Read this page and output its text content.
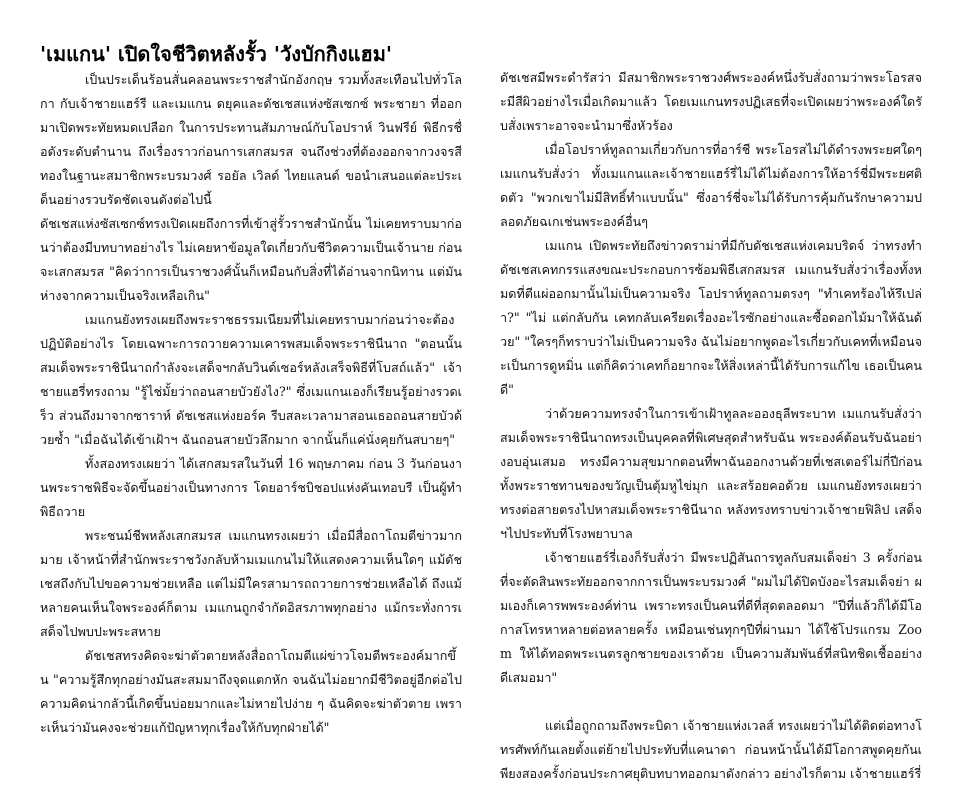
'เมแกน' เปิดใจชีวิตหลังรั้ว 'วังบักกิงแฮม'

เป็นประเด็นร้อนสั่นคลอนพระราชสำนักอังกฤษ รวมทั้งสะเทือนไปทั่วโลกา กับเจ้าชายแฮร์รี และเมแกน ดยุคและดัชเชสแห่งซัสเซกซ์ พระชายา ที่ออกมาเปิดพระทัยหมดเปลือก ในการประทานสัมภาษณ์กับโอปราห์ วินฟรีย์ พิธีกรชื่อดังระดับตำนาน ถึงเรื่องราวก่อนการเสกสมรส จนถึงช่วงที่ต้องออกจากวงจรสีทองในฐานะสมาชิกพระบรมวงศ์ รอยัล เวิลด์ ไทยแลนด์ ขอนำเสนอแต่ละประเด็นอย่างรวบรัดชัดเจนดังต่อไปนี้

ดัชเชสแห่งซัสเซกซ์ทรงเปิดเผยถึงการที่เข้าสู่รั้วราชสำนักนั้น ไม่เคยทราบมาก่อนว่าต้องมีบทบาทอย่างไร ไม่เคยหาข้อมูลใดเกี่ยวกับชีวิตความเป็นเจ้านาย ก่อนจะเสกสมรส "คิดว่าการเป็นราชวงศ์นั้นก็เหมือนกับสิ่งที่ได้อ่านจากนิทาน แต่มันห่างจากความเป็นจริงเหลือเกิน"

เมแกนยังทรงเผยถึงพระราชธรรมเนียมที่ไม่เคยทราบมาก่อนว่าจะต้องปฏิบัติอย่างไร โดยเฉพาะการถวายความเคารพสมเด็จพระราชินีนาถ "ตอนนั้น สมเด็จพระราชินีนาถกำลังจะเสด็จฯกลับวินด์เซอร์หลังเสร็จพิธีที่โบสถ์แล้ว" เจ้าชายแฮรี่ทรงถาม "รู้ไช่มั้ยว่าถอนสายบัวยังไง?" ซึ่งเมแกนเองก็เรียนรู้อย่างรวดเร็ว ส่วนถึงมาจากซาราห์ ดัชเชสแห่งยอร์ค รีบสละเวลามาสอนเธอถอนสายบัวด้วยซ้ำ "เมื่อฉันได้เข้าเฝ้าฯ ฉันถอนสายบัวลึกมาก จากนั้นก็แค่นั่งคุยกันสบายๆ"

ทั้งสองทรงเผยว่า ได้เสกสมรสในวันที่ 16 พฤษภาคม ก่อน 3 วันก่อนงานพระราชพิธีจะจัดขึ้นอย่างเป็นทางการ โดยอาร์ชบิชอปแห่งคันเทอบรี เป็นผู้ทำพิธีถวาย

พระชนม์ชีพหลังเสกสมรส เมแกนทรงเผยว่า เมื่อมีสื่อถาโถมตีข่าวมากมาย เจ้าหน้าที่สำนักพระราชวังกลับห้ามเมแกนไม่ให้แสดงความเห็นใดๆ แม้ดัชเชสถึงกับไปขอความช่วยเหลือ แต่ไม่มีใครสามารถถวายการช่วยเหลือได้ ถึงแม้หลายคนเห็นใจพระองค์ก็ตาม เมแกนถูกจำกัดอิสรภาพทุกอย่าง แม้กระทั่งการเสด็จไปพบปะพระสหาย

ดัชเชสทรงคิดจะฆ่าตัวตายหลังสื่อถาโถมตีแผ่ข่าวโจมตีพระองค์มากขึ้น "ความรู้สึกทุกอย่างมันสะสมมาถึงจุดแตกหัก จนฉันไม่อยากมีชีวิตอยู่อีกต่อไป ความคิดน่ากลัวนี้เกิดขึ้นบ่อยมากและไม่หายไปง่าย ๆ ฉันคิดจะฆ่าตัวตาย เพราะเห็นว่ามันคงจะช่วยแก้ปัญหาทุกเรื่องให้กับทุกฝ่ายได้"

ดัชเชสมีพระดำรัสว่า มีสมาชิกพระราชวงศ์พระองค์หนึ่งรับสั่งถามว่าพระโอรสจะมีสีผิวอย่างไรเมื่อเกิดมาแล้ว โดยเมแกนทรงปฏิเสธที่จะเปิดเผยว่าพระองค์ใดรับสั่งเพราะอาจจะนำมาซึ่งหัวร้อง

เมื่อโอปราห์ทูลถามเกี่ยวกับการที่อาร์ชี พระโอรสไม่ได้ดำรงพระยศใดๆ เมแกนรับสั่งว่า ทั้งเมแกนและเจ้าชายแฮร์รี่ไม่ได้ไม่ต้องการให้อาร์ชี่มีพระยศติดตัว "พวกเขาไม่มีสิทธิ์ทำแบบนั้น" ซึ่งอาร์ชี่จะไม่ได้รับการคุ้มกันรักษาความปลอดภัยฉเกเช่นพระองค์อื่นๆ

เมแกน เปิดพระทัยถึงข่าวดราม่าที่มีกับดัชเชสแห่งเคมบริดจ์ ว่าทรงทำดัชเชสเคทกรรแสงขณะประกอบการซ้อมพิธีเสกสมรส เมแกนรับสั่งว่าเรื่องทั้งหมดที่ตีแผ่ออกมานั้นไม่เป็นความจริง โอปราห์ทูลถามตรงๆ "ทำเคทร้องไห้รึเปล่า?" "ไม่ แต่กลับกัน เคทกลับเครียดเรื่องอะไรซักอย่างและซื้อดอกไม้มาให้ฉันด้วย" "ใครๆก็ทราบว่าไม่เป็นความจริง ฉันไม่อยากพูดอะไรเกี่ยวกับเคทที่เหมือนจะเป็นการดูหมิ่น แต่ก็คิดว่าเคทก็อยากจะให้สิ่งเหล่านี้ได้รับการแก้ไข เธอเป็นคนดี"

ว่าด้วยความทรงจำในการเข้าเฝ้าทูลละอองธุลีพระบาท เมแกนรับสั่งว่าสมเด็จพระราชินีนาถทรงเป็นบุคคลที่พิเศษสุดสำหรับฉัน พระองค์ต้อนรับฉันอย่างอบอุ่นเสมอ ทรงมีความสุขมากตอนที่พาฉันออกงานด้วยที่เชสเตอร์ไม่กี่ปีก่อน ทั้งพระราชทานของขวัญเป็นตุ้มหูไข่มุก และสร้อยคอด้วย เมแกนยังทรงเผยว่า ทรงต่อสายตรงไปหาสมเด็จพระราชินีนาถ หลังทรงทราบข่าวเจ้าชายฟิลิป เสด็จฯไปประทับที่โรงพยาบาล

เจ้าชายแฮร์รี่เองก็รับสั่งว่า มีพระปฏิสันถารทูลกับสมเด็จย่า 3 ครั้งก่อนที่จะตัดสินพระทัยออกจากการเป็นพระบรมวงศ์ "ผมไม่ได้ปิดบังอะไรสมเด็จย่า ผมเองก็เคารพพระองค์ท่าน เพราะทรงเป็นคนที่ดีที่สุดตลอดมา "ปีที่แล้วก็ได้มีโอกาสโทรหาหลายต่อหลายครั้ง เหมือนเช่นทุกๆปีที่ผ่านมา ได้ใช้โปรแกรม Zoom ให้ได้ทอดพระเนตรลูกชายของเราด้วย เป็นความสัมพันธ์ที่สนิทชิดเชื้ออย่างดีเสมอมา"

แต่เมื่อถูกถามถึงพระบิดา เจ้าชายแห่งเวลส์ ทรงเผยว่าไม่ได้ติดต่อทางโทรศัพท์กันเลยตั้งแต่ย้ายไปประทับที่แคนาดา ก่อนหน้านั้นได้มีโอกาสพูดคุยกันเพียงสองครั้งก่อนประกาศยุติบทบาทออกมาดังกล่าว อย่างไรก็ตาม เจ้าชายแฮร์รี่
